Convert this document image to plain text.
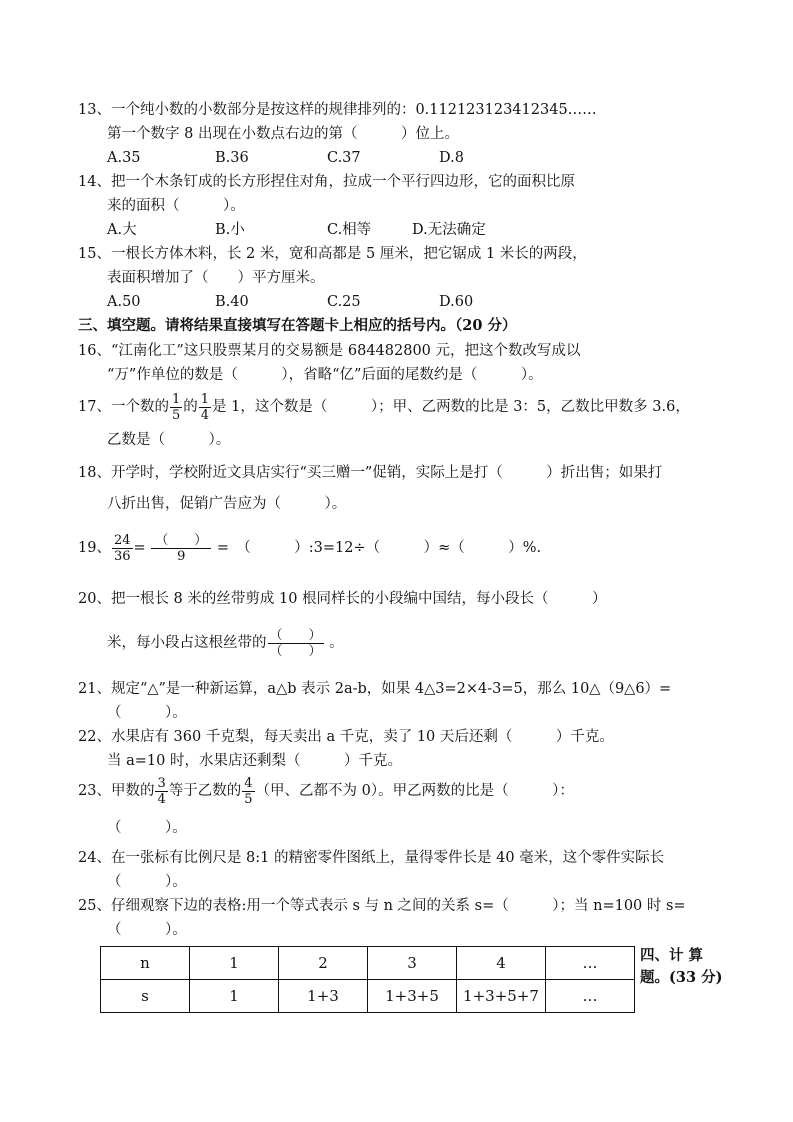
13、一个纯小数的小数部分是按这样的规律排列的：0.112123123412345……
第一个数字 8 出现在小数点右边的第（　　　）位上。
A.35	B.36	C.37	D.8
14、把一个木条钉成的长方形捏住对角，拉成一个平行四边形，它的面积比原
来的面积（　　　）。
A.大	B.小	C.相等	D.无法确定
15、一根长方体木料，长 2 米，宽和高都是 5 厘米，把它锯成 1 米长的两段，
表面积增加了（　　）平方厘米。
A.50	B.40	C.25	D.60
三、填空题。请将结果直接填写在答题卡上相应的括号内。（20 分）
16、“江南化工”这只股票某月的交易额是 684482800 元，把这个数改写成以
“万”作单位的数是（　　　），省略“亿”后面的尾数约是（　　　）。
17、一个数的 $\frac{1}{5}$ 的 $\frac{1}{4}$ 是 1，这个数是（　　　）；甲、乙两数的比是 3：5，乙数比甲数多 3.6，
乙数是（　　　）。
18、开学时，学校附近文具店实行“买三赠一”促销，实际上是打（　　　）折出售；如果打
八折出售，促销广告应为（　　　）。
19、 $\frac{24}{36} = \frac{( )}{9}$ =　（　　　）:3=12÷（　　　）≈（　　　）%.
20、把一根长 8 米的丝带剪成 10 根同样长的小段编中国结，每小段长（　　　）
米，每小段占这根丝带的 $\frac{( )}{( )}$ 。
21、规定“△”是一种新运算，a△b 表示 2a-b，如果 4△3=2×4-3=5，那么 10△（9△6）=
（　　　）。
22、水果店有 360 千克梨，每天卖出 a 千克，卖了 10 天后还剩（　　　）千克。
当 a=10 时，水果店还剩梨（　　　）千克。
23、甲数的 $\frac{3}{4}$ 等于乙数的 $\frac{4}{5}$ （甲、乙都不为 0）。甲乙两数的比是（　　　）：
（　　　）。
24、在一张标有比例尺是 8:1 的精密零件图纸上，量得零件长是 40 毫米，这个零件实际长
（　　　）。
25、仔细观察下边的表格:用一个等式表示 s 与 n 之间的关系 s=（　　　）；当 n=100 时 s=
（　　　）。
n	1	2	3	4	…
s	1	1+3	1+3+5	1+3+5+7	…
四、计 算
题。(33 分)
